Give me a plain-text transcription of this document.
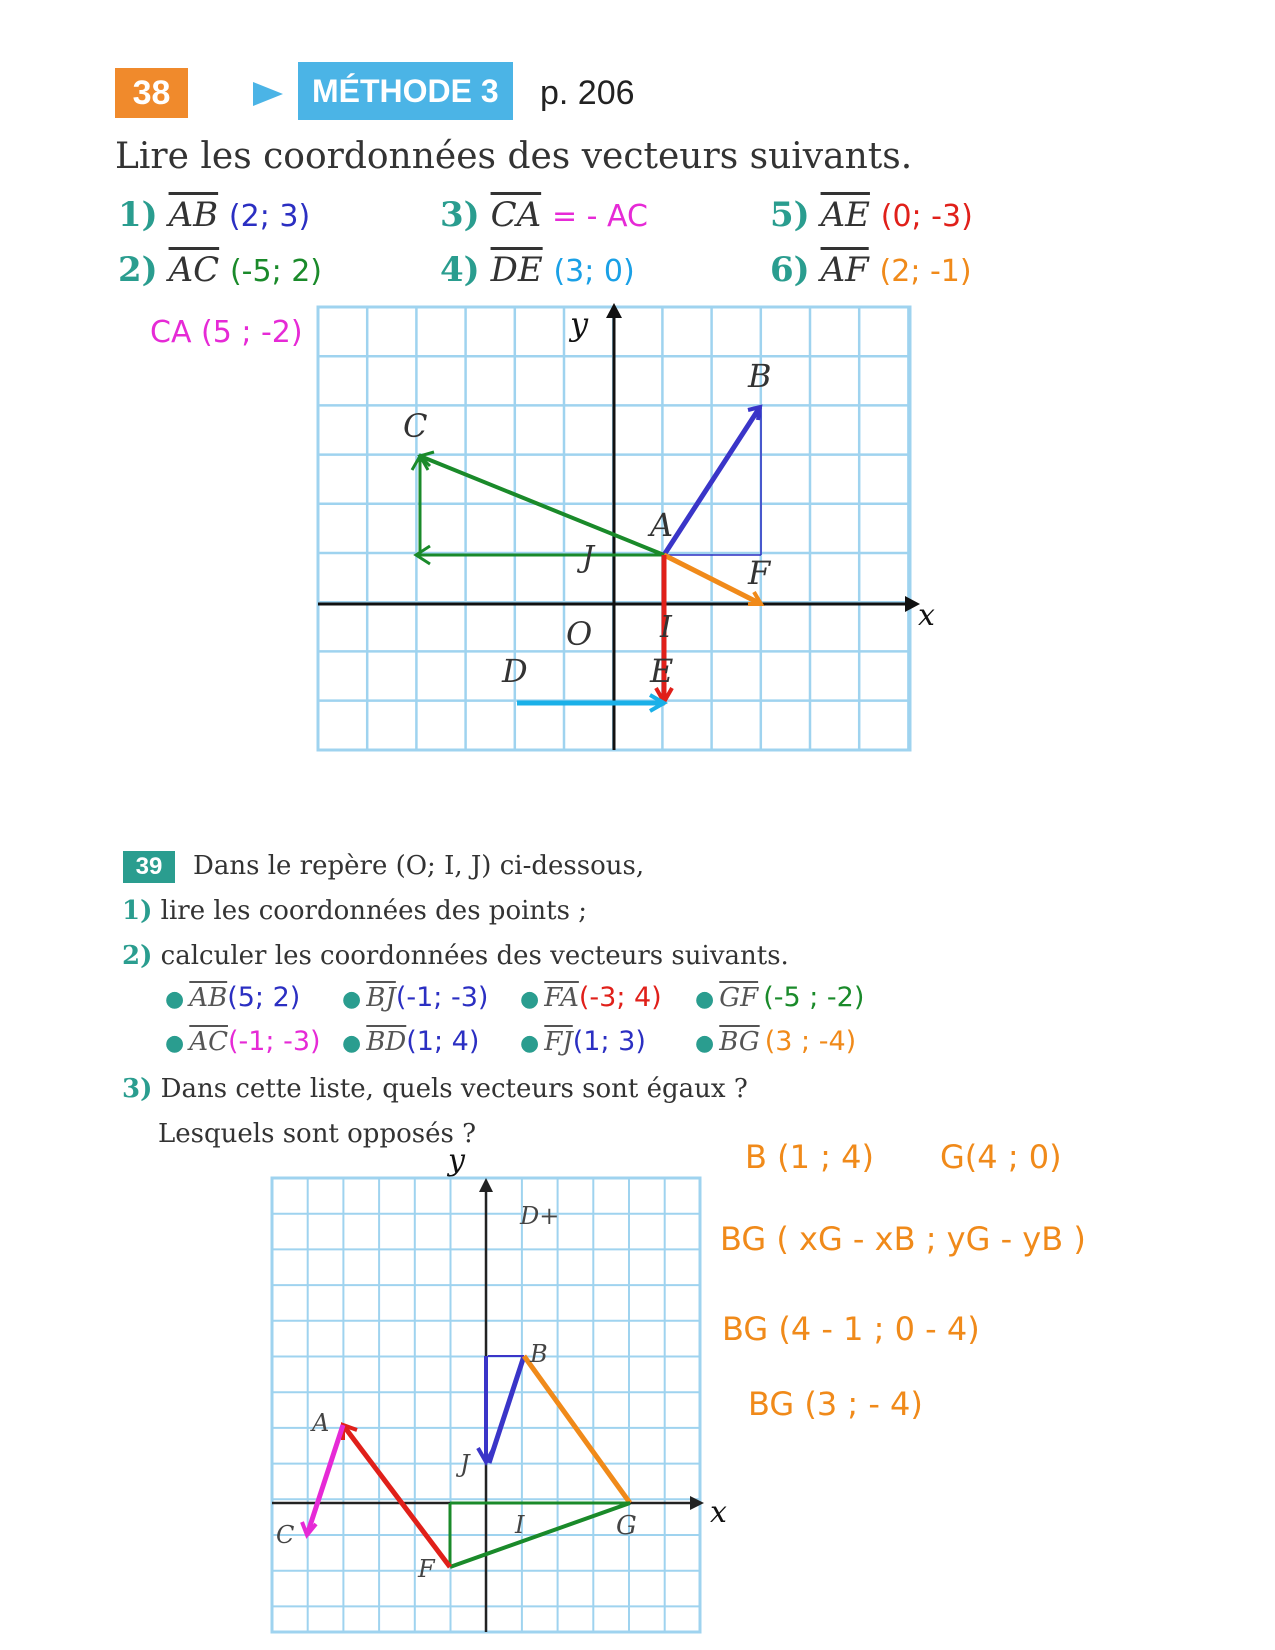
38	MÉTHODE 3	p. 206
Lire les coordonnées des vecteurs suivants.
1) $\overline{AB}$ (2; 3)	3) $\overline{CA}$ = - AC	5) $\overline{AE}$ (0; -3)
2) $\overline{AC}$ (-5; 2)	4) $\overline{DE}$ (3; 0)	6) $\overline{AF}$ (2; -1)
CA (5 ; -2)	y
x
B
C
A
J	F
O I
D	E
39	Dans le repère (O; I, J) ci-dessous,
1) lire les coordonnées des points ;
2) calculer les coordonnées des vecteurs suivants.
● $\overline{AB}(5$; 2) ● $\overline{BJ}(-1$; -3) ● $\overline{FA}(-3$; 4) ● $\overline{GF}$ (-5 ; -2)
● $\overline{AC}(-1$; -3) ● $\overline{BD}(1$; 4) ● $\overline{FJ}(1$; 3) ● $\overline{BG}$ (3 ; -4)
3) Dans cette liste, quels vecteurs sont égaux ?
Lesquels sont opposés ?
B (1 ; 4) G(4 ; 0)
BG ( xG - xB ; yG - yB )
BG (4 - 1 ; 0 - 4)
BG (3 ; - 4)
y
x
D+
B
A
J
I	G
C
F
